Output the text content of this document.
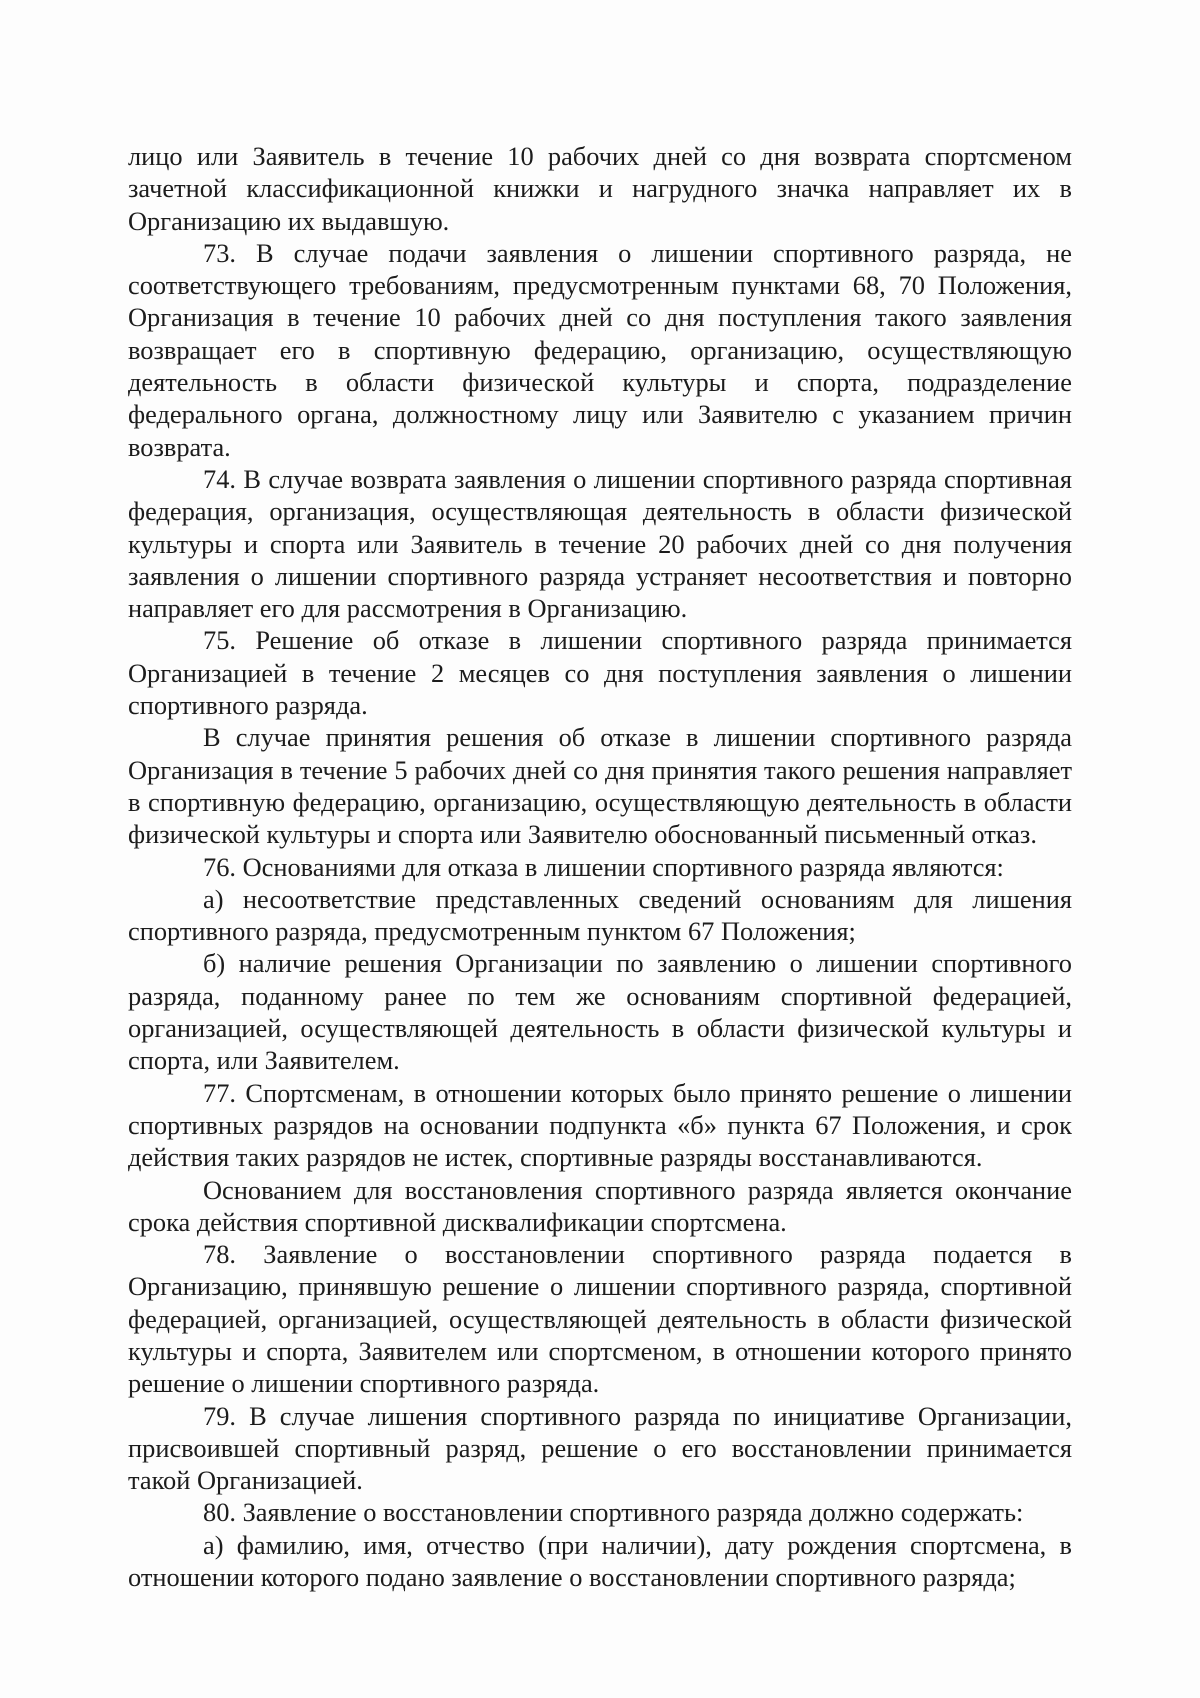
лицо или Заявитель в течение 10 рабочих дней со дня возврата спортсменом зачетной классификационной книжки и нагрудного значка направляет их в Организацию их выдавшую.

73. В случае подачи заявления о лишении спортивного разряда, не соответствующего требованиям, предусмотренным пунктами 68, 70 Положения, Организация в течение 10 рабочих дней со дня поступления такого заявления возвращает его в спортивную федерацию, организацию, осуществляющую деятельность в области физической культуры и спорта, подразделение федерального органа, должностному лицу или Заявителю с указанием причин возврата.

74. В случае возврата заявления о лишении спортивного разряда спортивная федерация, организация, осуществляющая деятельность в области физической культуры и спорта или Заявитель в течение 20 рабочих дней со дня получения заявления о лишении спортивного разряда устраняет несоответствия и повторно направляет его для рассмотрения в Организацию.

75. Решение об отказе в лишении спортивного разряда принимается Организацией в течение 2 месяцев со дня поступления заявления о лишении спортивного разряда.

В случае принятия решения об отказе в лишении спортивного разряда Организация в течение 5 рабочих дней со дня принятия такого решения направляет в спортивную федерацию, организацию, осуществляющую деятельность в области физической культуры и спорта или Заявителю обоснованный письменный отказ.

76. Основаниями для отказа в лишении спортивного разряда являются:

а) несоответствие представленных сведений основаниям для лишения спортивного разряда, предусмотренным пунктом 67 Положения;

б) наличие решения Организации по заявлению о лишении спортивного разряда, поданному ранее по тем же основаниям спортивной федерацией, организацией, осуществляющей деятельность в области физической культуры и спорта, или Заявителем.

77. Спортсменам, в отношении которых было принято решение о лишении спортивных разрядов на основании подпункта «б» пункта 67 Положения, и срок действия таких разрядов не истек, спортивные разряды восстанавливаются.

Основанием для восстановления спортивного разряда является окончание срока действия спортивной дисквалификации спортсмена.

78. Заявление о восстановлении спортивного разряда подается в Организацию, принявшую решение о лишении спортивного разряда, спортивной федерацией, организацией, осуществляющей деятельность в области физической культуры и спорта, Заявителем или спортсменом, в отношении которого принято решение о лишении спортивного разряда.

79. В случае лишения спортивного разряда по инициативе Организации, присвоившей спортивный разряд, решение о его восстановлении принимается такой Организацией.

80. Заявление о восстановлении спортивного разряда должно содержать:

а) фамилию, имя, отчество (при наличии), дату рождения спортсмена, в отношении которого подано заявление о восстановлении спортивного разряда;
